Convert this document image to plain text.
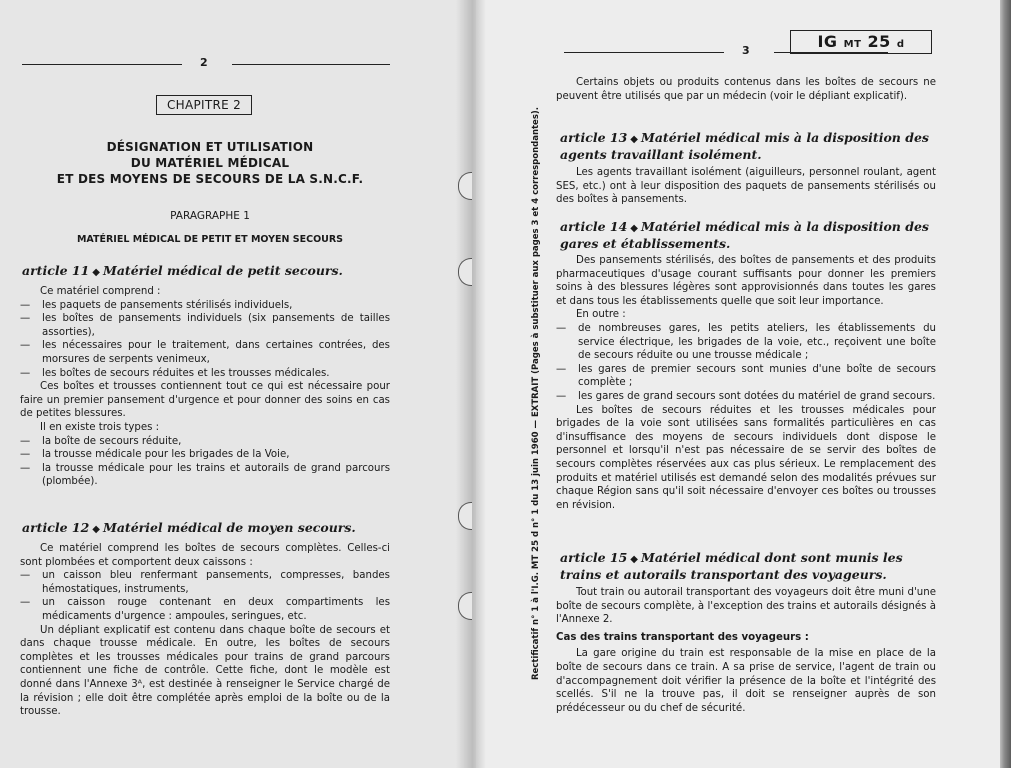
2
CHAPITRE 2
DÉSIGNATION ET UTILISATION
DU MATÉRIEL MÉDICAL
ET DES MOYENS DE SECOURS DE LA S.N.C.F.
PARAGRAPHE 1
MATÉRIEL MÉDICAL DE PETIT ET MOYEN SECOURS
article 11 ◆ Matériel médical de petit secours.

Ce matériel comprend :

— les paquets de pansements stérilisés individuels,

— les boîtes de pansements individuels (six pansements de tailles assorties),

— les nécessaires pour le traitement, dans certaines contrées, des morsures de serpents venimeux,

— les boîtes de secours réduites et les trousses médicales.

Ces boîtes et trousses contiennent tout ce qui est nécessaire pour faire un premier pansement d'urgence et pour donner des soins en cas de petites blessures.

Il en existe trois types :

— la boîte de secours réduite,

— la trousse médicale pour les brigades de la Voie,

— la trousse médicale pour les trains et autorails de grand parcours (plombée).

article 12 ◆ Matériel médical de moyen secours.

Ce matériel comprend les boîtes de secours complètes. Celles-ci sont plombées et comportent deux caissons :

— un caisson bleu renfermant pansements, compresses, bandes hémostatiques, instruments,

— un caisson rouge contenant en deux compartiments les médicaments d'urgence : ampoules, seringues, etc.

Un dépliant explicatif est contenu dans chaque boîte de secours et dans chaque trousse médicale. En outre, les boîtes de secours complètes et les trousses médicales pour trains de grand parcours contiennent une fiche de contrôle. Cette fiche, dont le modèle est donné dans l'Annexe 3ᴬ, est destinée à renseigner le Service chargé de la révision ; elle doit être complétée après emploi de la boîte ou de la trousse.

3	IG MT 25 d
Rectificatif n° 1 à l'I.G. MT 25 d n° 1 du 13 juin 1960 — EXTRAIT (Pages à substituer aux pages 3 et 4 correspondantes).

Certains objets ou produits contenus dans les boîtes de secours ne peuvent être utilisés que par un médecin (voir le dépliant explicatif).

article 13 ◆ Matériel médical mis à la disposition des agents travaillant isolément.

Les agents travaillant isolément (aiguilleurs, personnel roulant, agent SES, etc.) ont à leur disposition des paquets de pansements stérilisés ou des boîtes à pansements.

article 14 ◆ Matériel médical mis à la disposition des gares et établissements.

Des pansements stérilisés, des boîtes de pansements et des produits pharmaceutiques d'usage courant suffisants pour donner les premiers soins à des blessures légères sont approvisionnés dans toutes les gares et dans tous les établissements quelle que soit leur importance.

En outre :

— de nombreuses gares, les petits ateliers, les établissements du service électrique, les brigades de la voie, etc., reçoivent une boîte de secours réduite ou une trousse médicale ;

— les gares de premier secours sont munies d'une boîte de secours complète ;

— les gares de grand secours sont dotées du matériel de grand secours.

Les boîtes de secours réduites et les trousses médicales pour brigades de la voie sont utilisées sans formalités particulières en cas d'insuffisance des moyens de secours individuels dont dispose le personnel et lorsqu'il n'est pas nécessaire de se servir des boîtes de secours complètes réservées aux cas plus sérieux. Le remplacement des produits et matériel utilisés est demandé selon des modalités prévues sur chaque Région sans qu'il soit nécessaire d'envoyer ces boîtes ou trousses en révision.

article 15 ◆ Matériel médical dont sont munis les trains et autorails transportant des voyageurs.

Tout train ou autorail transportant des voyageurs doit être muni d'une boîte de secours complète, à l'exception des trains et autorails désignés à l'Annexe 2.

Cas des trains transportant des voyageurs :

La gare origine du train est responsable de la mise en place de la boîte de secours dans ce train. A sa prise de service, l'agent de train ou d'accompagnement doit vérifier la présence de la boîte et l'intégrité des scellés. S'il ne la trouve pas, il doit se renseigner auprès de son prédécesseur ou du chef de sécurité.
